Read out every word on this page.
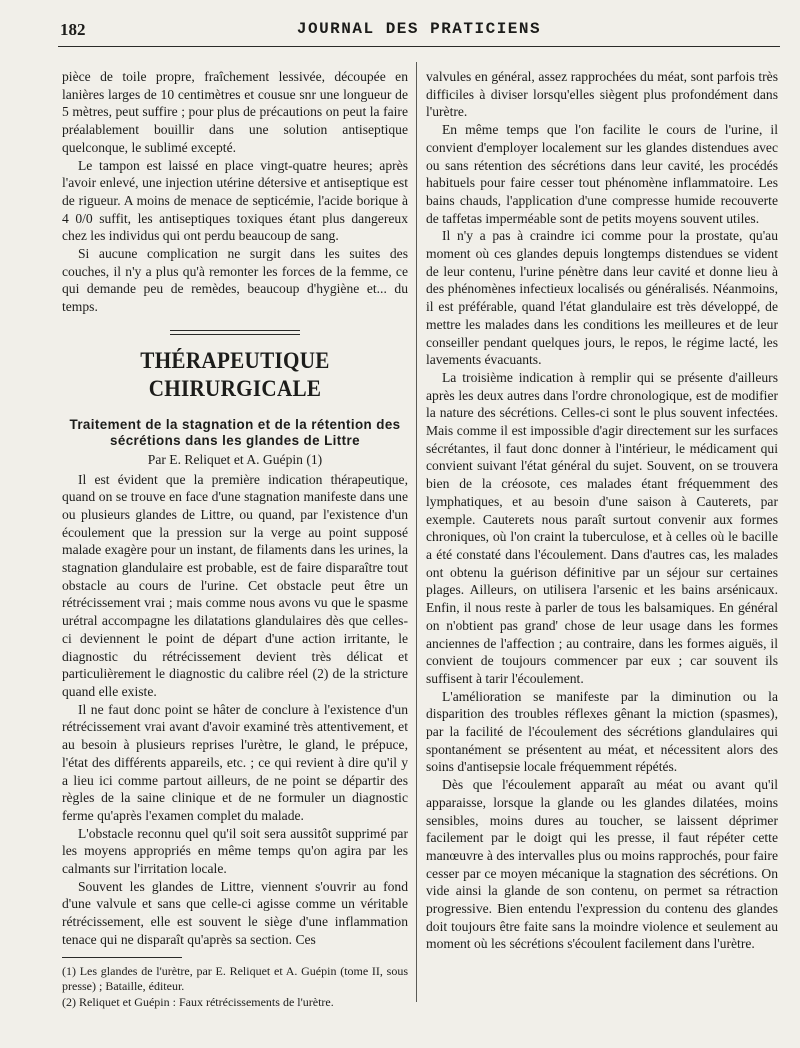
182	JOURNAL DES PRATICIENS

pièce de toile propre, fraîchement lessivée, découpée en lanières larges de 10 centimètres et cousue snr une longueur de 5 mètres, peut suffire ; pour plus de précautions on peut la faire préalablement bouillir dans une solution antiseptique quelconque, le sublimé excepté.

Le tampon est laissé en place vingt-quatre heures; après l'avoir enlevé, une injection utérine détersive et antiseptique est de rigueur. A moins de menace de septicémie, l'acide borique à 4 0/0 suffit, les antiseptiques toxiques étant plus dangereux chez les individus qui ont perdu beaucoup de sang.

Si aucune complication ne surgit dans les suites des couches, il n'y a plus qu'à remonter les forces de la femme, ce qui demande peu de remèdes, beaucoup d'hygiène et... du temps.

THÉRAPEUTIQUE CHIRURGICALE
Traitement de la stagnation et de la rétention des sécrétions dans les glandes de Littre
Par E. Reliquet et A. Guépin (1)

Il est évident que la première indication thérapeutique, quand on se trouve en face d'une stagnation manifeste dans une ou plusieurs glandes de Littre, ou quand, par l'existence d'un écoulement que la pression sur la verge au point supposé malade exagère pour un instant, de filaments dans les urines, la stagnation glandulaire est probable, est de faire disparaître tout obstacle au cours de l'urine. Cet obstacle peut être un rétrécissement vrai ; mais comme nous avons vu que le spasme urétral accompagne les dilatations glandulaires dès que celles-ci deviennent le point de départ d'une action irritante, le diagnostic du rétrécissement devient très délicat et particulièrement le diagnostic du calibre réel (2) de la stricture quand elle existe.

Il ne faut donc point se hâter de conclure à l'existence d'un rétrécissement vrai avant d'avoir examiné très attentivement, et au besoin à plusieurs reprises l'urètre, le gland, le prépuce, l'état des différents appareils, etc. ; ce qui revient à dire qu'il y a lieu ici comme partout ailleurs, de ne point se départir des règles de la saine clinique et de ne formuler un diagnostic ferme qu'après l'examen complet du malade.

L'obstacle reconnu quel qu'il soit sera aussitôt supprimé par les moyens appropriés en même temps qu'on agira par les calmants sur l'irritation locale.

Souvent les glandes de Littre, viennent s'ouvrir au fond d'une valvule et sans que celle-ci agisse comme un véritable rétrécissement, elle est souvent le siège d'une inflammation tenace qui ne disparaît qu'après sa section. Ces

(1) Les glandes de l'urètre, par E. Reliquet et A. Guépin (tome II, sous presse) ; Bataille, éditeur.

(2) Reliquet et Guépin : Faux rétrécissements de l'urètre.

valvules en général, assez rapprochées du méat, sont parfois très difficiles à diviser lorsqu'elles siègent plus profondément dans l'urètre.

En même temps que l'on facilite le cours de l'urine, il convient d'employer localement sur les glandes distendues avec ou sans rétention des sécrétions dans leur cavité, les procédés habituels pour faire cesser tout phénomène inflammatoire. Les bains chauds, l'application d'une compresse humide recouverte de taffetas imperméable sont de petits moyens souvent utiles.

Il n'y a pas à craindre ici comme pour la prostate, qu'au moment où ces glandes depuis longtemps distendues se vident de leur contenu, l'urine pénètre dans leur cavité et donne lieu à des phénomènes infectieux localisés ou généralisés. Néanmoins, il est préférable, quand l'état glandulaire est très développé, de mettre les malades dans les conditions les meilleures et de leur conseiller pendant quelques jours, le repos, le régime lacté, les lavements évacuants.

La troisième indication à remplir qui se présente d'ailleurs après les deux autres dans l'ordre chronologique, est de modifier la nature des sécrétions. Celles-ci sont le plus souvent infectées. Mais comme il est impossible d'agir directement sur les surfaces sécrétantes, il faut donc donner à l'intérieur, le médicament qui convient suivant l'état général du sujet. Souvent, on se trouvera bien de la créosote, ces malades étant fréquemment des lymphatiques, et au besoin d'une saison à Cauterets, par exemple. Cauterets nous paraît surtout convenir aux formes chroniques, où l'on craint la tuberculose, et à celles où le bacille a été constaté dans l'écoulement. Dans d'autres cas, les malades ont obtenu la guérison définitive par un séjour sur certaines plages. Ailleurs, on utilisera l'arsenic et les bains arsénicaux. Enfin, il nous reste à parler de tous les balsamiques. En général on n'obtient pas grand' chose de leur usage dans les formes anciennes de l'affection ; au contraire, dans les formes aiguës, il convient de toujours commencer par eux ; car souvent ils suffisent à tarir l'écoulement.

L'amélioration se manifeste par la diminution ou la disparition des troubles réflexes gênant la miction (spasmes), par la facilité de l'écoulement des sécrétions glandulaires qui spontanément se présentent au méat, et nécessitent alors des soins d'antisepsie locale fréquemment répétés.

Dès que l'écoulement apparaît au méat ou avant qu'il apparaisse, lorsque la glande ou les glandes dilatées, moins sensibles, moins dures au toucher, se laissent déprimer facilement par le doigt qui les presse, il faut répéter cette manœuvre à des intervalles plus ou moins rapprochés, pour faire cesser par ce moyen mécanique la stagnation des sécrétions. On vide ainsi la glande de son contenu, on permet sa rétraction progressive. Bien entendu l'expression du contenu des glandes doit toujours être faite sans la moindre violence et seulement au moment où les sécrétions s'écoulent facilement dans l'urètre.
